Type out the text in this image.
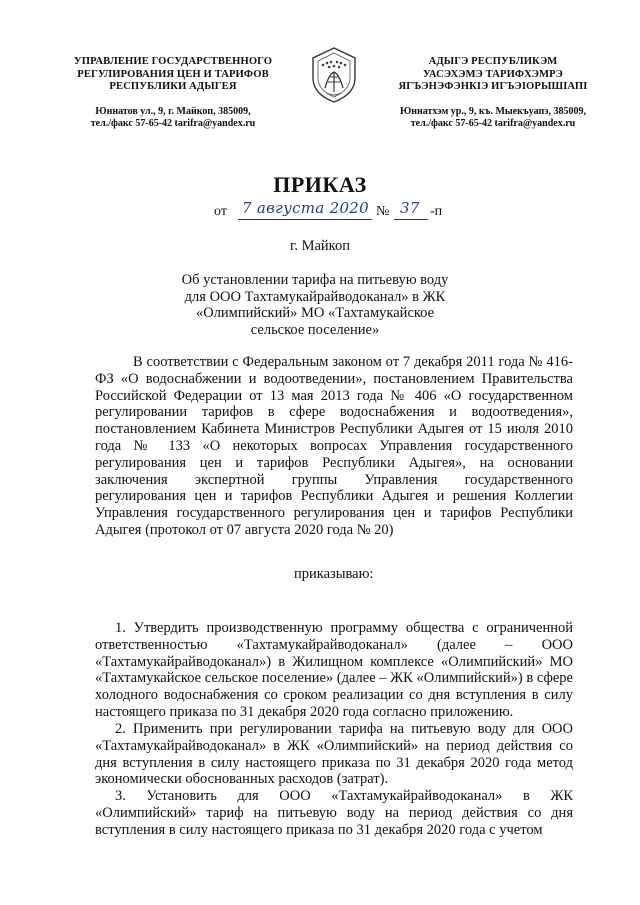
УПРАВЛЕНИЕ ГОСУДАРСТВЕННОГО
РЕГУЛИРОВАНИЯ ЦЕН И ТАРИФОВ
РЕСПУБЛИКИ АДЫГЕЯ
Юннатов ул., 9, г. Майкоп, 385009,
тел./факс 57-65-42 tarifra@yandex.ru
АДЫГЭ РЕСПУБЛИКЭМ
УАСЭХЭМЭ ТАРИФХЭМРЭ
ЯГЪЭНЭФЭНКIЭ ИГЪЭIОРЫШIАПI
Юннатхэм ур., 9, къ. Мыекъуапэ, 385009,
тел./факс 57-65-42 tarifra@yandex.ru
ПРИКАЗ
от 7 августа 2020 № 37 -п
г. Майкоп
Об установлении тарифа на питьевую воду
для ООО Тахтамукайрайводоканал» в ЖК
«Олимпийский» МО «Тахтамукайское
сельское поселение»
В соответствии с Федеральным законом от 7 декабря 2011 года № 416-ФЗ «О водоснабжении и водоотведении», постановлением Правительства Российской Федерации от 13 мая 2013 года № 406 «О государственном регулировании тарифов в сфере водоснабжения и водоотведения», постановлением Кабинета Министров Республики Адыгея от 15 июля 2010 года № 133 «О некоторых вопросах Управления государственного регулирования цен и тарифов Республики Адыгея», на основании заключения экспертной группы Управления государственного регулирования цен и тарифов Республики Адыгея и решения Коллегии Управления государственного регулирования цен и тарифов Республики Адыгея (протокол от 07 августа 2020 года № 20)
приказываю:
1. Утвердить производственную программу общества с ограниченной ответственностью «Тахтамукайрайводоканал» (далее – ООО «Тахтамукайрайводоканал») в Жилищном комплексе «Олимпийский» МО «Тахтамукайское сельское поселение» (далее – ЖК «Олимпийский») в сфере холодного водоснабжения со сроком реализации со дня вступления в силу настоящего приказа по 31 декабря 2020 года согласно приложению.
2. Применить при регулировании тарифа на питьевую воду для ООО «Тахтамукайрайводоканал» в ЖК «Олимпийский» на период действия со дня вступления в силу настоящего приказа по 31 декабря 2020 года метод экономически обоснованных расходов (затрат).
3. Установить для ООО «Тахтамукайрайводоканал» в ЖК «Олимпийский» тариф на питьевую воду на период действия со дня вступления в силу настоящего приказа по 31 декабря 2020 года с учетом
